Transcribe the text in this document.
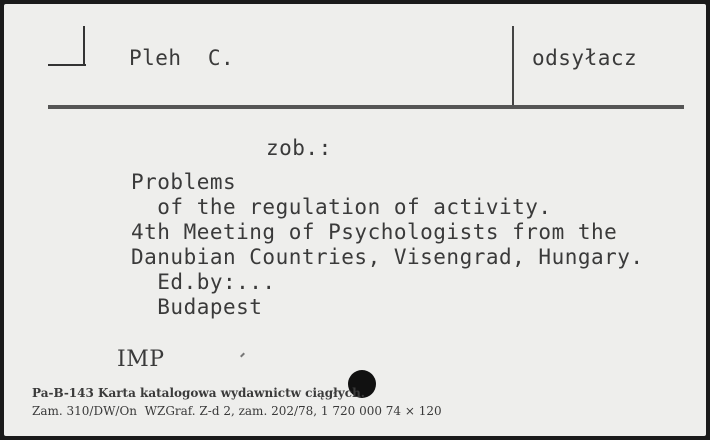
Pleh  C.	odsyłacz
zob.:
Problems
of the regulation of activity.
4th Meeting of Psychologists from the
Danubian Countries, Visengrad, Hungary.
Ed.by:...
Budapest
IMP
Pa-B-143 Karta katalogowa wydawnictw ciągłych.
Zam. 310/DW/On  WZGraf. Z-d 2, zam. 202/78, 1 720 000 74 × 120
